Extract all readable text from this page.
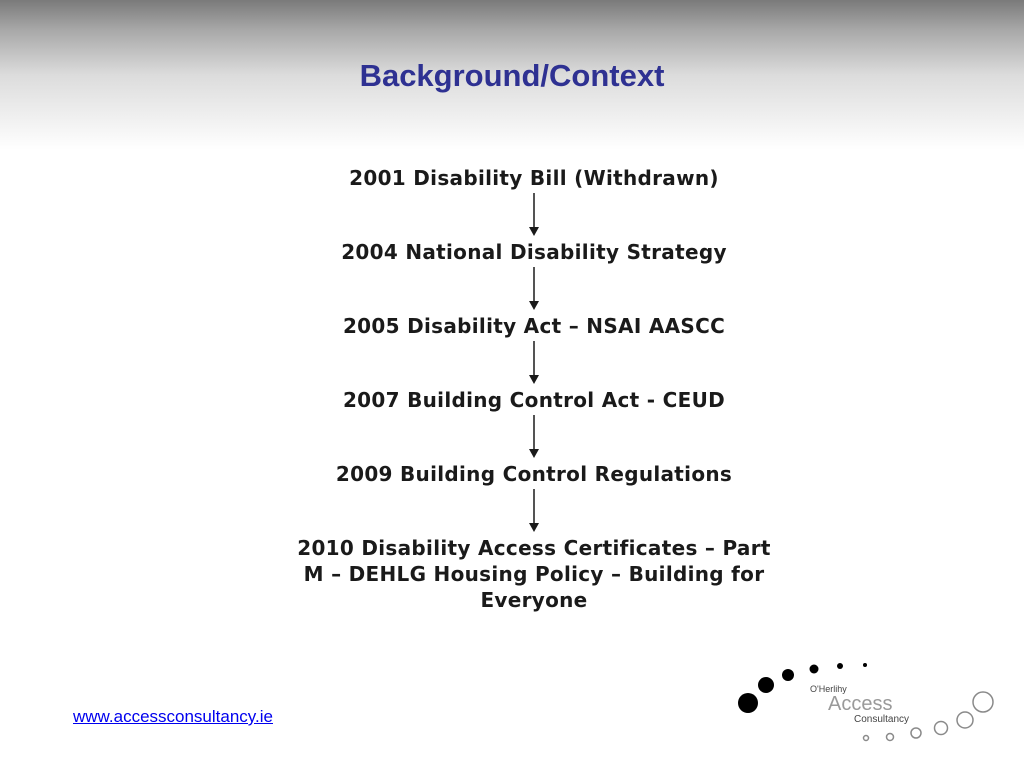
Background/Context

2001 Disability Bill (Withdrawn)

2004 National Disability Strategy

2005 Disability Act – NSAI AASCC

2007 Building Control Act - CEUD

2009 Building Control Regulations

2010 Disability Access Certificates – Part

M – DEHLG Housing Policy – Building for

Everyone

www.accessconsultancy.ie
O'Herlihy
Access
Consultancy
